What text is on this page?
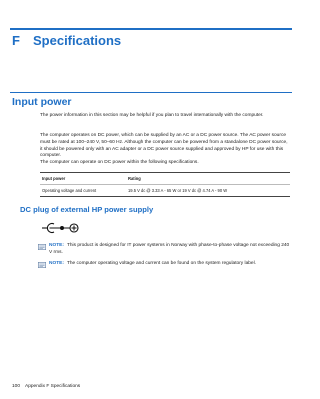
F Specifications
Input power
The power information in this section may be helpful if you plan to travel internationally with the computer.
The computer operates on DC power, which can be supplied by an AC or a DC power source. The AC power source must be rated at 100–240 V, 50–60 Hz. Although the computer can be powered from a standalone DC power source, it should be powered only with an AC adapter or a DC power source supplied and approved by HP for use with this computer.
The computer can operate on DC power within the following specifications.
Input power	Rating
Operating voltage and current	19.5 V dc @ 3.33 A - 65 W or 19 V dc @ 4.74 A - 90 W
DC plug of external HP power supply
NOTE: This product is designed for IT power systems in Norway with phase-to-phase voltage not exceeding 240 V rms.
NOTE: The computer operating voltage and current can be found on the system regulatory label.
100 Appendix F Specifications
